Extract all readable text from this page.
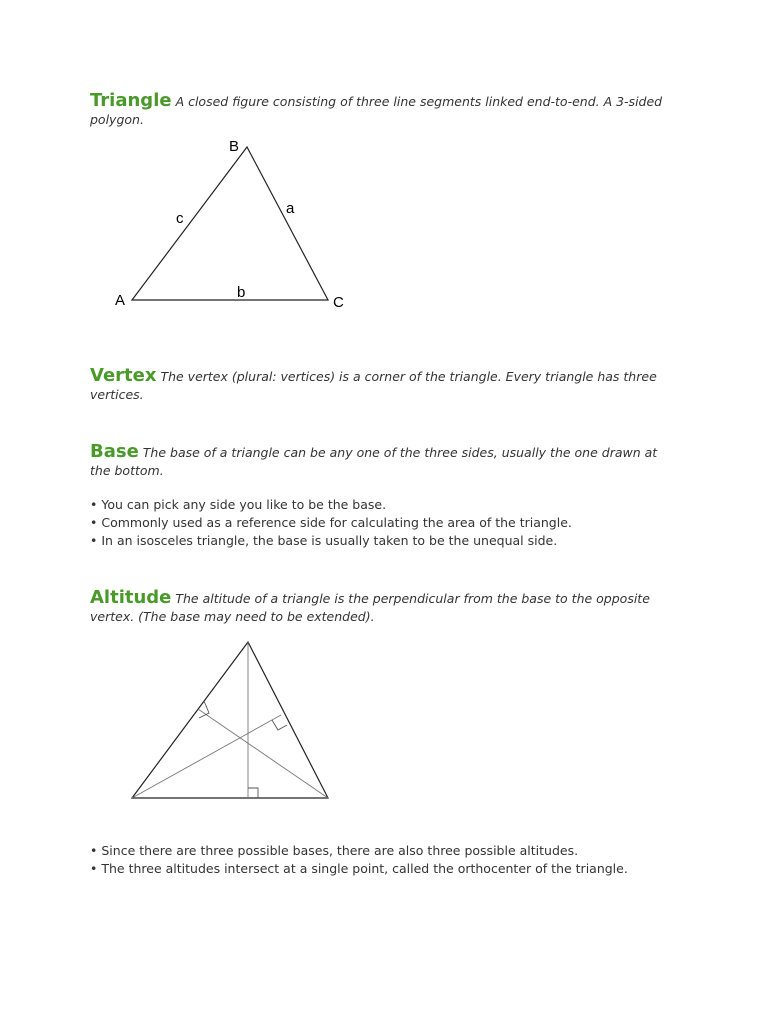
Triangle A closed figure consisting of three line segments linked end-to-end. A 3-sided polygon.

B
A	C
c
a
b

Vertex The vertex (plural: vertices) is a corner of the triangle. Every triangle has three vertices.

Base The base of a triangle can be any one of the three sides, usually the one drawn at the bottom.

• You can pick any side you like to be the base.
• Commonly used as a reference side for calculating the area of the triangle.
• In an isosceles triangle, the base is usually taken to be the unequal side.

Altitude The altitude of a triangle is the perpendicular from the base to the opposite vertex. (The base may need to be extended).

• Since there are three possible bases, there are also three possible altitudes.
• The three altitudes intersect at a single point, called the orthocenter of the triangle.
